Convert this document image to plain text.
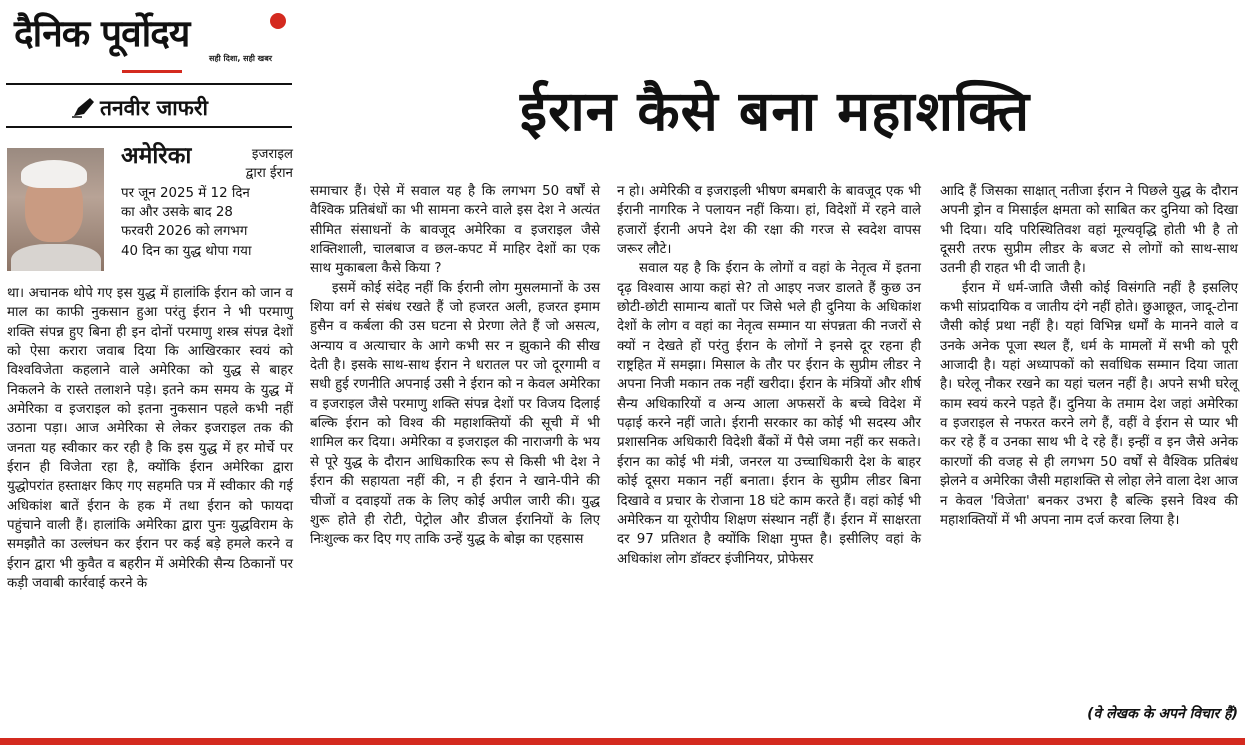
दैनिक पूर्वोदय
सही दिशा, सही खबर
तनवीर जाफरी	ईरान कैसे बना महाशक्ति
अमेरिका	इजराइल
द्वारा ईरान
पर जून 2025 में 12 दिन
का और उसके बाद 28
फरवरी 2026 को लगभग
40 दिन का युद्ध थोपा गया

था। अचानक थोपे गए इस युद्ध में हालांकि ईरान को जान व माल का काफी नुकसान हुआ परंतु ईरान ने भी परमाणु शक्ति संपन्न हुए बिना ही इन दोनों परमाणु शस्त्र संपन्न देशों को ऐसा करारा जवाब दिया कि आखिरकार स्वयं को विश्वविजेता कहलाने वाले अमेरिका को युद्ध से बाहर निकलने के रास्ते तलाशने पड़े। इतने कम समय के युद्ध में अमेरिका व इजराइल को इतना नुकसान पहले कभी नहीं उठाना पड़ा। आज अमेरिका से लेकर इजराइल तक की जनता यह स्वीकार कर रही है कि इस युद्ध में हर मोर्चे पर ईरान ही विजेता रहा है, क्योंकि ईरान अमेरिका द्वारा युद्धोपरांत हस्ताक्षर किए गए सहमति पत्र में स्वीकार की गई अधिकांश बातें ईरान के हक में तथा ईरान को फायदा पहुंचाने वाली हैं। हालांकि अमेरिका द्वारा पुनः युद्धविराम के समझौते का उल्लंघन कर ईरान पर कई बड़े हमले करने व ईरान द्वारा भी कुवैत व बहरीन में अमेरिकी सैन्य ठिकानों पर कड़ी जवाबी कार्रवाई करने के

समाचार हैं। ऐसे में सवाल यह है कि लगभग 50 वर्षों से वैश्विक प्रतिबंधों का भी सामना करने वाले इस देश ने अत्यंत सीमित संसाधनों के बावजूद अमेरिका व इजराइल जैसे शक्तिशाली, चालबाज व छल-कपट में माहिर देशों का एक साथ मुकाबला कैसे किया ?

इसमें कोई संदेह नहीं कि ईरानी लोग मुसलमानों के उस शिया वर्ग से संबंध रखते हैं जो हजरत अली, हजरत इमाम हुसैन व कर्बला की उस घटना से प्रेरणा लेते हैं जो असत्य, अन्याय व अत्याचार के आगे कभी सर न झुकाने की सीख देती है। इसके साथ-साथ ईरान ने धरातल पर जो दूरगामी व सधी हुई रणनीति अपनाई उसी ने ईरान को न केवल अमेरिका व इजराइल जैसे परमाणु शक्ति संपन्न देशों पर विजय दिलाई बल्कि ईरान को विश्व की महाशक्तियों की सूची में भी शामिल कर दिया। अमेरिका व इजराइल की नाराजगी के भय से पूरे युद्ध के दौरान आधिकारिक रूप से किसी भी देश ने ईरान की सहायता नहीं की, न ही ईरान ने खाने-पीने की चीजों व दवाइयों तक के लिए कोई अपील जारी की। युद्ध शुरू होते ही रोटी, पेट्रोल और डीजल ईरानियों के लिए निःशुल्क कर दिए गए ताकि उन्हें युद्ध के बोझ का एहसास

न हो। अमेरिकी व इजराइली भीषण बमबारी के बावजूद एक भी ईरानी नागरिक ने पलायन नहीं किया। हां, विदेशों में रहने वाले हजारों ईरानी अपने देश की रक्षा की गरज से स्वदेश वापस जरूर लौटे।

सवाल यह है कि ईरान के लोगों व वहां के नेतृत्व में इतना दृढ़ विश्वास आया कहां से? तो आइए नजर डालते हैं कुछ उन छोटी-छोटी सामान्य बातों पर जिसे भले ही दुनिया के अधिकांश देशों के लोग व वहां का नेतृत्व सम्मान या संपन्नता की नजरों से क्यों न देखते हों परंतु ईरान के लोगों ने इनसे दूर रहना ही राष्ट्रहित में समझा। मिसाल के तौर पर ईरान के सुप्रीम लीडर ने अपना निजी मकान तक नहीं खरीदा। ईरान के मंत्रियों और शीर्ष सैन्य अधिकारियों व अन्य आला अफसरों के बच्चे विदेश में पढ़ाई करने नहीं जाते। ईरानी सरकार का कोई भी सदस्य और प्रशासनिक अधिकारी विदेशी बैंकों में पैसे जमा नहीं कर सकते। ईरान का कोई भी मंत्री, जनरल या उच्चाधिकारी देश के बाहर कोई दूसरा मकान नहीं बनाता। ईरान के सुप्रीम लीडर बिना दिखावे व प्रचार के रोजाना 18 घंटे काम करते हैं। वहां कोई भी अमेरिकन या यूरोपीय शिक्षण संस्थान नहीं हैं। ईरान में साक्षरता दर 97 प्रतिशत है क्योंकि शिक्षा मुफ्त है। इसीलिए वहां के अधिकांश लोग डॉक्टर इंजीनियर, प्रोफेसर

आदि हैं जिसका साक्षात् नतीजा ईरान ने पिछले युद्ध के दौरान अपनी ड्रोन व मिसाईल क्षमता को साबित कर दुनिया को दिखा भी दिया। यदि परिस्थितिवश वहां मूल्यवृद्धि होती भी है तो दूसरी तरफ सुप्रीम लीडर के बजट से लोगों को साथ-साथ उतनी ही राहत भी दी जाती है।

ईरान में धर्म-जाति जैसी कोई विसंगति नहीं है इसलिए कभी सांप्रदायिक व जातीय दंगे नहीं होते। छुआछूत, जादू-टोना जैसी कोई प्रथा नहीं है। यहां विभिन्न धर्मों के मानने वाले व उनके अनेक पूजा स्थल हैं, धर्म के मामलों में सभी को पूरी आजादी है। यहां अध्यापकों को सर्वाधिक सम्मान दिया जाता है। घरेलू नौकर रखने का यहां चलन नहीं है। अपने सभी घरेलू काम स्वयं करने पड़ते हैं। दुनिया के तमाम देश जहां अमेरिका व इजराइल से नफरत करने लगे हैं, वहीं वे ईरान से प्यार भी कर रहे हैं व उनका साथ भी दे रहे हैं। इन्हीं व इन जैसे अनेक कारणों की वजह से ही लगभग 50 वर्षों से वैश्विक प्रतिबंध झेलने व अमेरिका जैसी महाशक्ति से लोहा लेने वाला देश आज न केवल 'विजेता' बनकर उभरा है बल्कि इसने विश्व की महाशक्तियों में भी अपना नाम दर्ज करवा लिया है।

(वे लेखक के अपने विचार हैं)
